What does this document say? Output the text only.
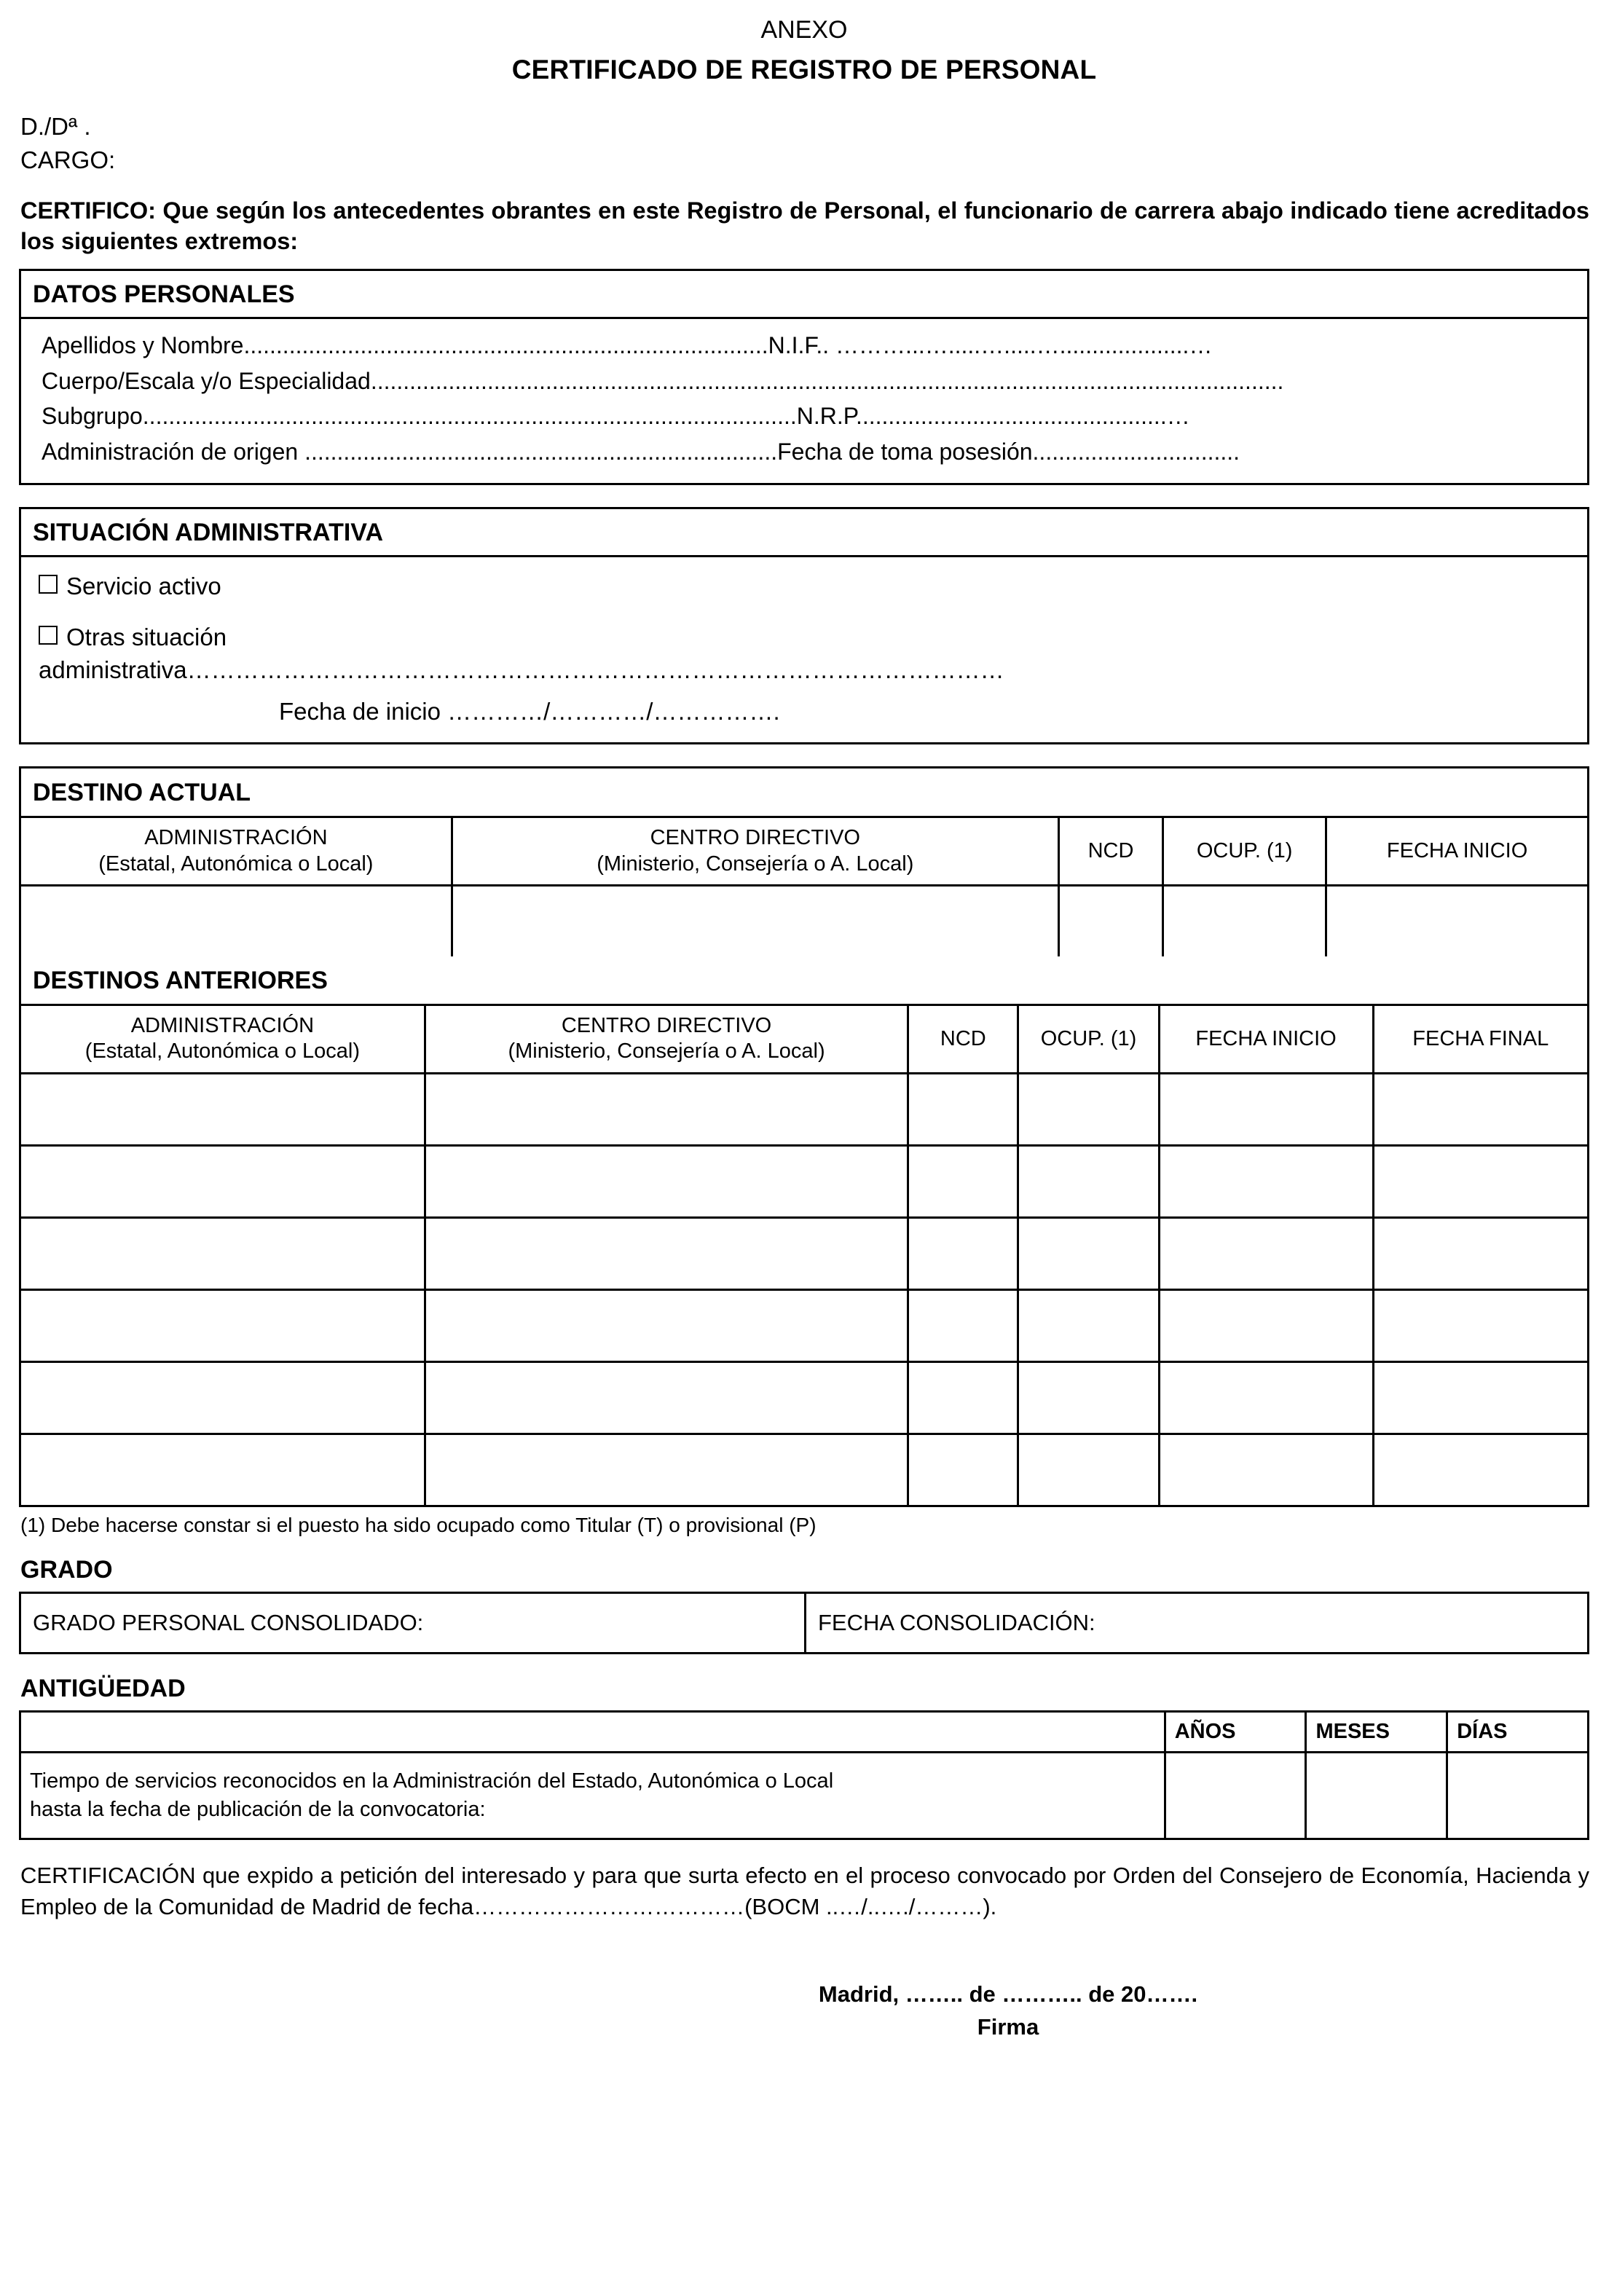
ANEXO
CERTIFICADO DE REGISTRO DE PERSONAL
D./Dª .
CARGO:
CERTIFICO: Que según los antecedentes obrantes en este Registro de Personal, el funcionario de carrera abajo indicado tiene acreditados los siguientes extremos:
DATOS PERSONALES
Apellidos y Nombre.................................................................................N.I.F.. ………...….....….....…....................…
Cuerpo/Escala y/o Especialidad.............................................................................................................................................
Subgrupo.....................................................................................................N.R.P................................................…
Administración de origen .........................................................................Fecha de toma posesión................................
SITUACIÓN ADMINISTRATIVA
Servicio activo
Otras situación
administrativa…………………………………………………………………………………………
Fecha de inicio …………/…………/…………….
DESTINO ACTUAL
ADMINISTRACIÓN
(Estatal, Autonómica o Local)	CENTRO DIRECTIVO
(Ministerio, Consejería o A. Local)	NCD	OCUP. (1)	FECHA INICIO

DESTINOS ANTERIORES
ADMINISTRACIÓN
(Estatal, Autonómica o Local)	CENTRO DIRECTIVO
(Ministerio, Consejería o A. Local)	NCD	OCUP. (1)	FECHA INICIO	FECHA FINAL

(1) Debe hacerse constar si el puesto ha sido ocupado como Titular (T) o provisional (P)
GRADO
GRADO PERSONAL CONSOLIDADO:	FECHA CONSOLIDACIÓN:
ANTIGÜEDAD
	AÑOS	MESES	DÍAS
Tiempo de servicios reconocidos en la Administración del Estado, Autonómica o Local
hasta la fecha de publicación de la convocatoria:			
CERTIFICACIÓN que expido a petición del interesado y para que surta efecto en el proceso convocado por Orden del Consejero de Economía, Hacienda y Empleo de la Comunidad de Madrid de fecha………………………………(BOCM ..…/..…./………).
Madrid, …….. de ……….. de 20…….
Firma
